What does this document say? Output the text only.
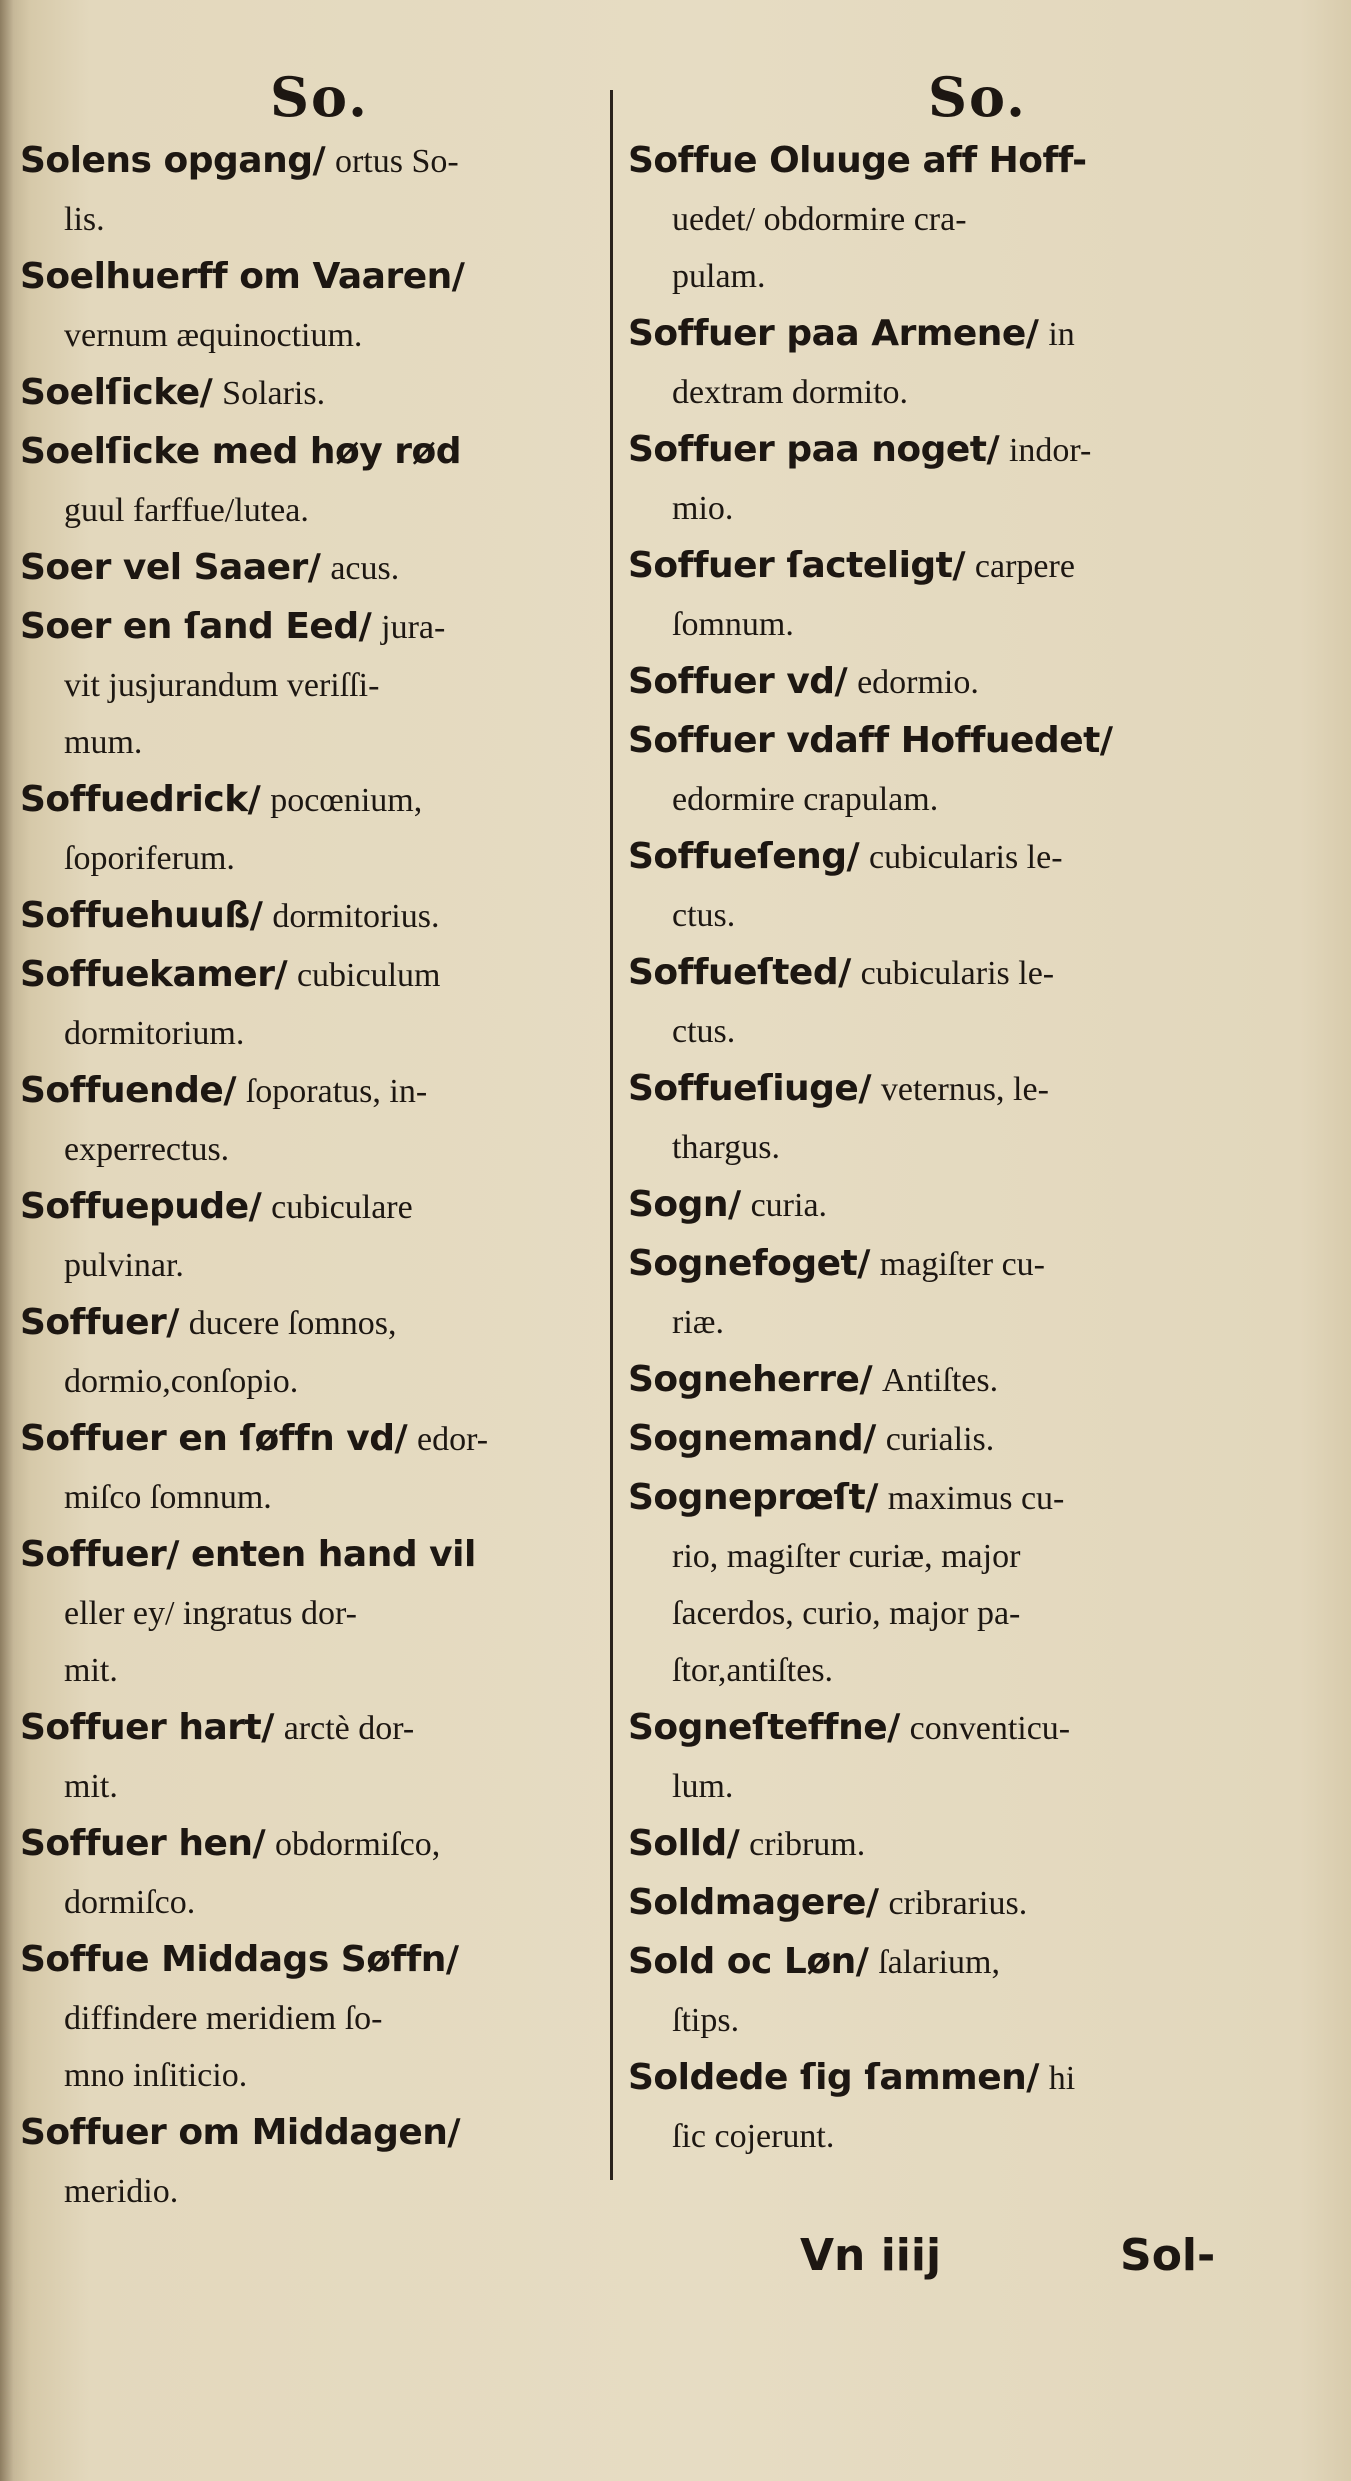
So.
Solens opgang/ ortus So-
lis.
Soelhuerff om Vaaren/
vernum æquinoctium.
Soelſicke/ Solaris.
Soelſicke med høy rød
guul farffue/lutea.
Soer vel Saaer/ acus.
Soer en ſand Eed/ jura-
vit jusjurandum veriſſi-
mum.
Soffuedrick/ pocœnium,
ſoporiferum.
Soffuehuuß/ dormitorius.
Soffuekamer/ cubiculum
dormitorium.
Soffuende/ ſoporatus, in-
experrectus.
Soffuepude/ cubiculare
pulvinar.
Soffuer/ ducere ſomnos,
dormio,conſopio.
Soffuer en ſøffn vd/ edor-
miſco ſomnum.
Soffuer/ enten hand vil
eller ey/ ingratus dor-
mit.
Soffuer hart/ arctè dor-
mit.
Soffuer hen/ obdormiſco,
dormiſco.
Soffue Middags Søffn/
diffindere meridiem ſo-
mno inſiticio.
Soffuer om Middagen/
meridio.
So.
Soffue Oluuge aff Hoff-
uedet/ obdormire cra-
pulam.
Soffuer paa Armene/ in
dextram dormito.
Soffuer paa noget/ indor-
mio.
Soffuer ſacteligt/ carpere
ſomnum.
Soffuer vd/ edormio.
Soffuer vdaff Hoffuedet/
edormire crapulam.
Soffueſeng/ cubicularis le-
ctus.
Soffueſted/ cubicularis le-
ctus.
Soffueſiuge/ veternus, le-
thargus.
Sogn/ curia.
Sognefoget/ magiſter cu-
riæ.
Sogneherre/ Antiſtes.
Sognemand/ curialis.
Sogneprœſt/ maximus cu-
rio, magiſter curiæ, major
ſacerdos, curio, major pa-
ſtor,antiſtes.
Sogneſteffne/ conventicu-
lum.
Solld/ cribrum.
Soldmagere/ cribrarius.
Sold oc Løn/ ſalarium,
ſtips.
Soldede ſig ſammen/ hi
ſic cojerunt.
Vn iiij	Sol-
